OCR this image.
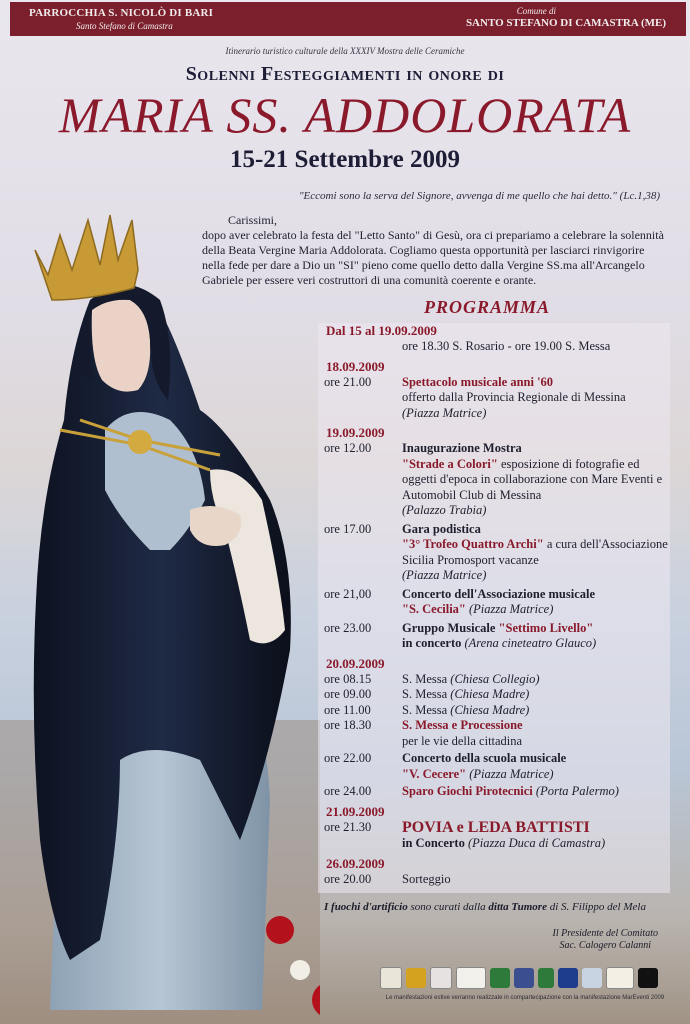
PARROCCHIA S. NICOLÒ DI BARI
Santo Stefano di Camastra
Comune di
SANTO STEFANO DI CAMASTRA (ME)
Itinerario turistico culturale della XXXIV Mostra delle Ceramiche
Solenni Festeggiamenti in onore di
MARIA SS. ADDOLORATA
15-21 Settembre 2009
"Eccomi sono la serva del Signore, avvenga di me quello che hai detto." (Lc.1,38)
Carissimi,
dopo aver celebrato la festa del "Letto Santo" di Gesù, ora ci prepariamo a celebrare la solennità della Beata Vergine Maria Addolorata. Cogliamo questa opportunità per lasciarci rinvigorire nella fede per dare a Dio un "SI" pieno come quello detto dalla Vergine SS.ma all'Arcangelo Gabriele per essere veri costruttori di una comunità coerente e orante.
PROGRAMMA
Dal 15 al 19.09.2009
ore 18.30 S. Rosario - ore 19.00 S. Messa
18.09.2009
ore 21.00	Spettacolo musicale anni '60
offerto dalla Provincia Regionale di Messina
(Piazza Matrice)
19.09.2009
ore 12.00	Inaugurazione Mostra
"Strade a Colori" esposizione di fotografie ed oggetti d'epoca in collaborazione con Mare Eventi e Automobil Club di Messina
(Palazzo Trabia)
ore 17.00	Gara podistica
"3° Trofeo Quattro Archi" a cura dell'Associazione Sicilia Promosport vacanze
(Piazza Matrice)
ore 21,00	Concerto dell'Associazione musicale
"S. Cecilia" (Piazza Matrice)
ore 23.00	Gruppo Musicale "Settimo Livello"
in concerto (Arena cineteatro Glauco)
20.09.2009
ore 08.15	S. Messa (Chiesa Collegio)
ore 09.00	S. Messa (Chiesa Madre)
ore 11.00	S. Messa (Chiesa Madre)
ore 18.30	S. Messa e Processione
per le vie della cittadina
ore 22.00	Concerto della scuola musicale
"V. Cecere" (Piazza Matrice)
ore 24.00	Sparo Giochi Pirotecnici (Porta Palermo)
21.09.2009
ore 21.30	POVIA e LEDA BATTISTI
in Concerto (Piazza Duca di Camastra)
26.09.2009
ore 20.00	Sorteggio
I fuochi d'artificio sono curati dalla ditta Tumore di S. Filippo del Mela
Il Presidente del Comitato
Sac. Calogero Calanni
Le manifestazioni estive verranno realizzate in compartecipazione con la manifestazione MarEventi 2009
